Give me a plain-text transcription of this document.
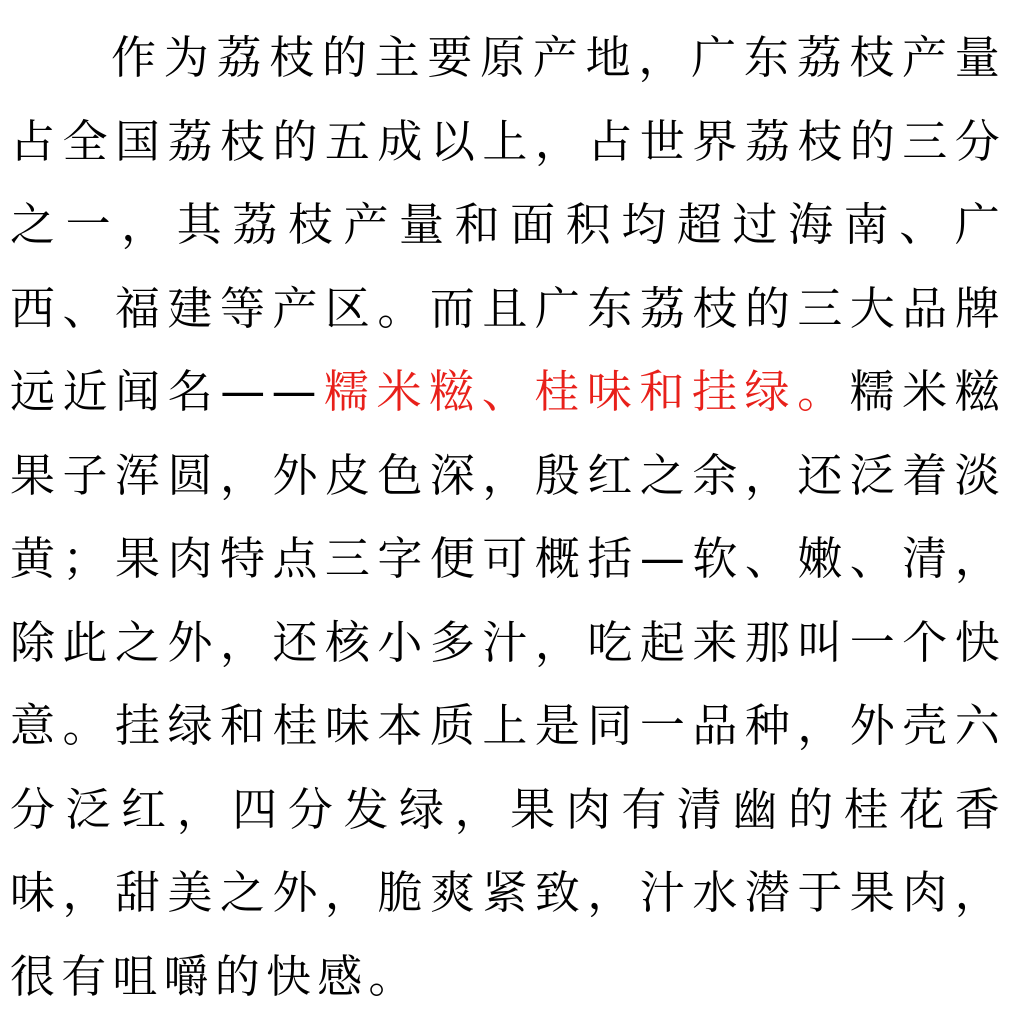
作为荔枝的主要原产地，广东荔枝产量占全国荔枝的五成以上，占世界荔枝的三分之一，其荔枝产量和面积均超过海南、广西、福建等产区。而且广东荔枝的三大品牌远近闻名——糯米糍、桂味和挂绿。糯米糍果子浑圆，外皮色深，殷红之余，还泛着淡黄；果肉特点三字便可概括—软、嫩、清，除此之外，还核小多汁，吃起来那叫一个快意。挂绿和桂味本质上是同一品种，外壳六分泛红，四分发绿，果肉有清幽的桂花香味，甜美之外，脆爽紧致，汁水潜于果肉，很有咀嚼的快感。
